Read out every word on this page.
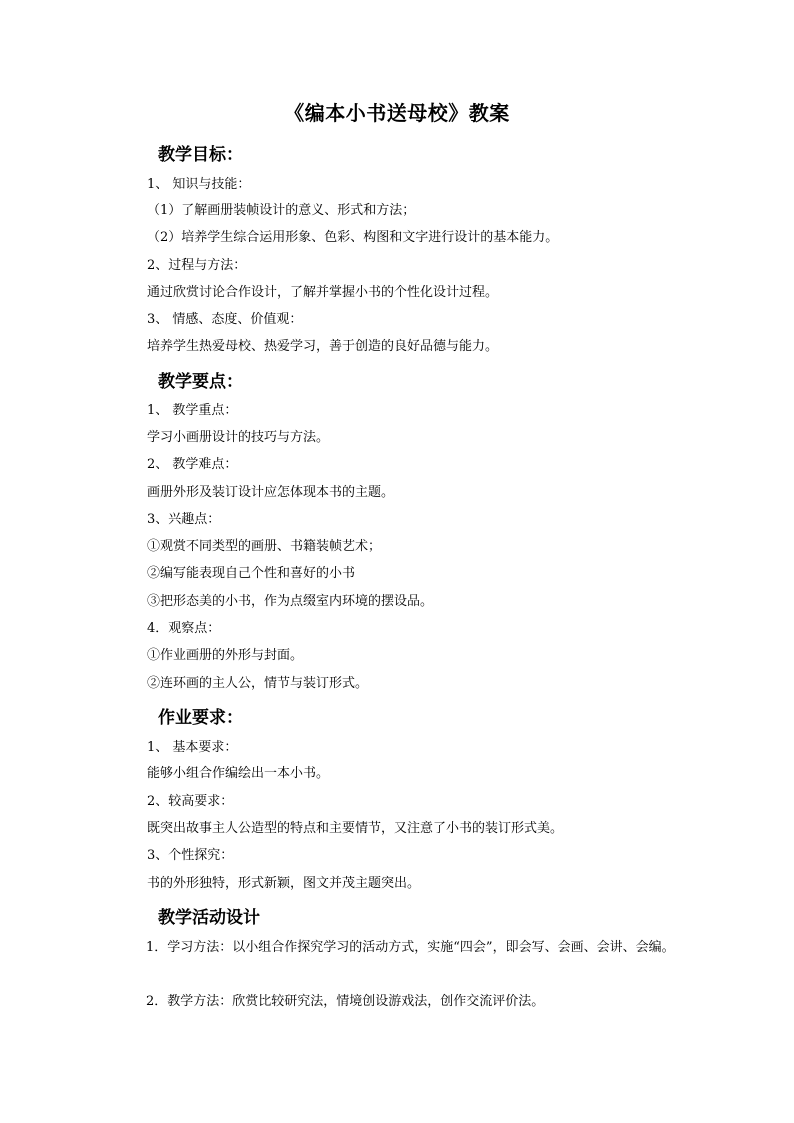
《编本小书送母校》教案
教学目标：
1、 知识与技能：
（1）了解画册装帧设计的意义、形式和方法；
（2）培养学生综合运用形象、色彩、构图和文字进行设计的基本能力。
2、过程与方法：
通过欣赏讨论合作设计，了解并掌握小书的个性化设计过程。
3、 情感、态度、价值观：
培养学生热爱母校、热爱学习，善于创造的良好品德与能力。
教学要点：
1、 教学重点：
学习小画册设计的技巧与方法。
2、 教学难点：
画册外形及装订设计应怎体现本书的主题。
3、兴趣点：
①观赏不同类型的画册、书籍装帧艺术；
②编写能表现自己个性和喜好的小书
③把形态美的小书，作为点缀室内环境的摆设品。
4．观察点：
①作业画册的外形与封面。
②连环画的主人公，情节与装订形式。
作业要求：
1、 基本要求：
能够小组合作编绘出一本小书。
2、较高要求：
既突出故事主人公造型的特点和主要情节，又注意了小书的装订形式美。
3、个性探究：
书的外形独特，形式新颖，图文并茂主题突出。
教学活动设计
1．学习方法：以小组合作探究学习的活动方式，实施“四会”，即会写、会画、会讲、会编。
2．教学方法：欣赏比较研究法，情境创设游戏法，创作交流评价法。
